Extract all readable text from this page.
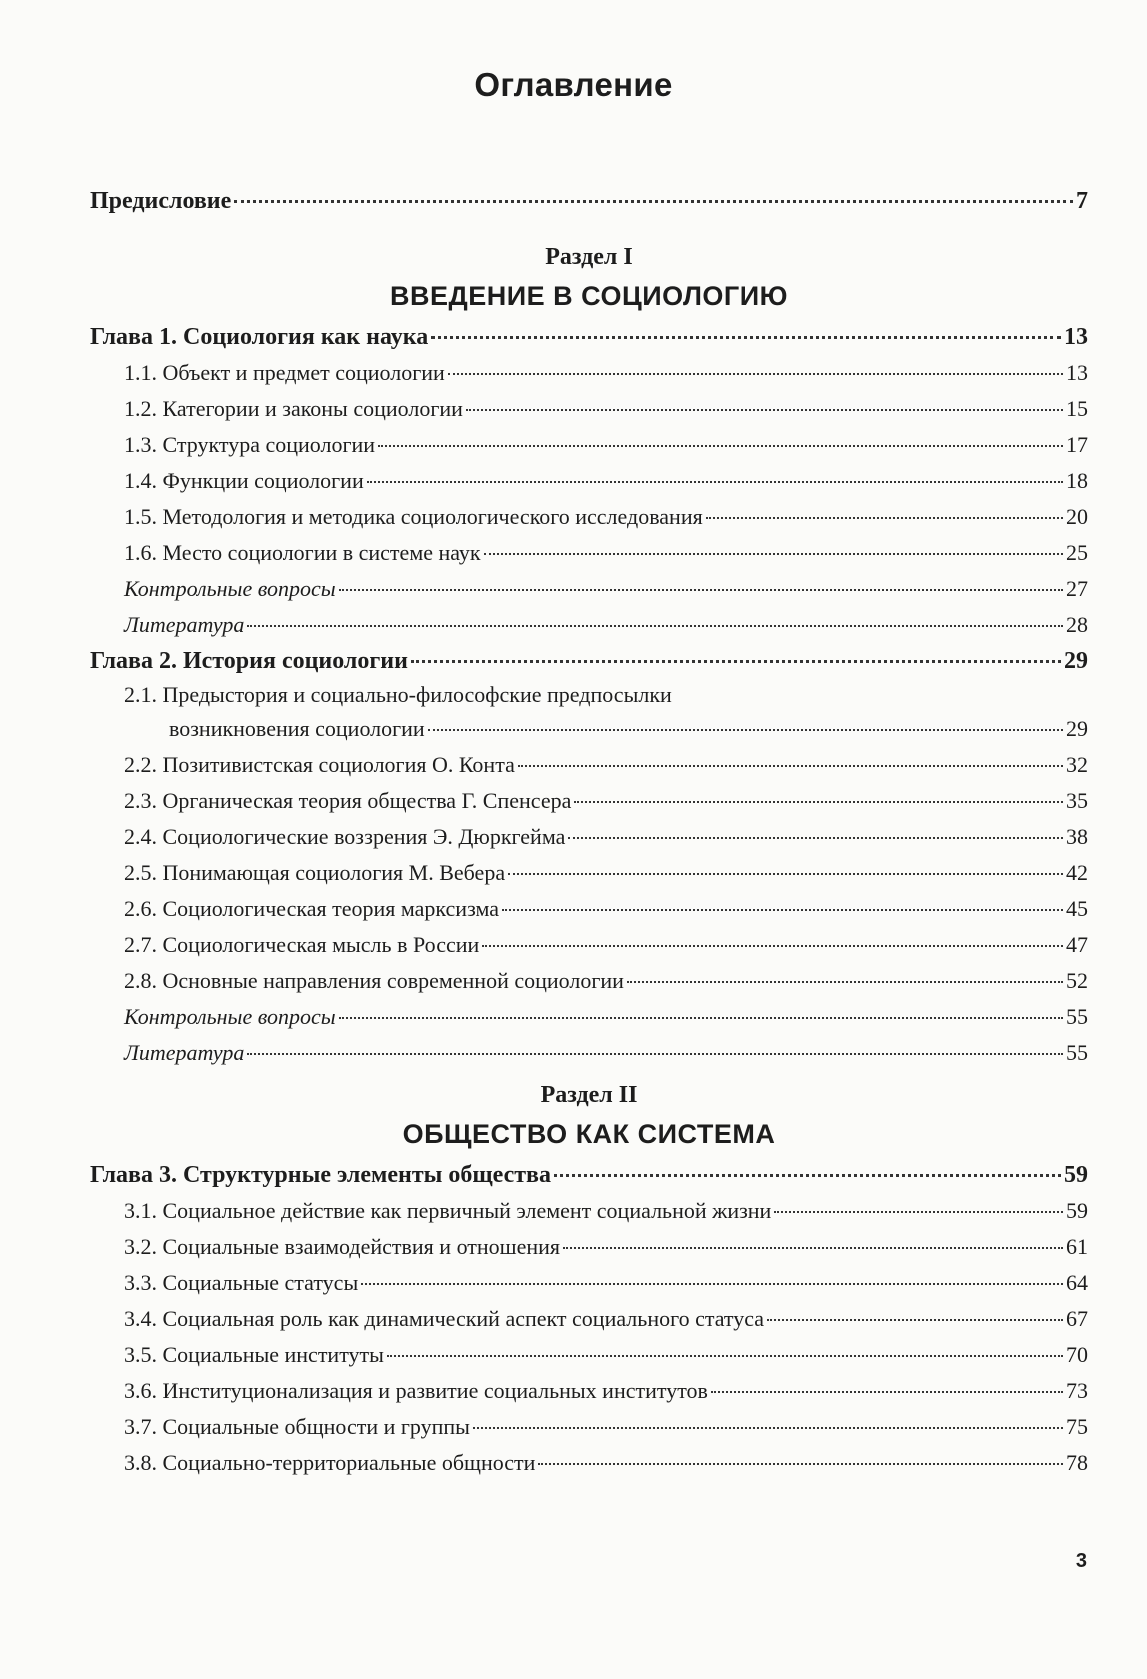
Оглавление
Предисловие	7
Раздел I
ВВЕДЕНИЕ В СОЦИОЛОГИЮ
Глава 1. Социология как наука	13
1.1. Объект и предмет социологии	13
1.2. Категории и законы социологии	15
1.3. Структура социологии	17
1.4. Функции социологии	18
1.5. Методология и методика социологического исследования	20
1.6. Место социологии в системе наук	25
Контрольные вопросы	27
Литература	28
Глава 2. История социологии	29
2.1. Предыстория и социально-философские предпосылки
возникновения социологии	29
2.2. Позитивистская социология О. Конта	32
2.3. Органическая теория общества Г. Спенсера	35
2.4. Социологические воззрения Э. Дюркгейма	38
2.5. Понимающая социология М. Вебера	42
2.6. Социологическая теория марксизма	45
2.7. Социологическая мысль в России	47
2.8. Основные направления современной социологии	52
Контрольные вопросы	55
Литература	55
Раздел II
ОБЩЕСТВО КАК СИСТЕМА
Глава 3. Структурные элементы общества	59
3.1. Социальное действие как первичный элемент социальной жизни	59
3.2. Социальные взаимодействия и отношения	61
3.3. Социальные статусы	64
3.4. Социальная роль как динамический аспект социального статуса	67
3.5. Социальные институты	70
3.6. Институционализация и развитие социальных институтов	73
3.7. Социальные общности и группы	75
3.8. Социально-территориальные общности	78
3
